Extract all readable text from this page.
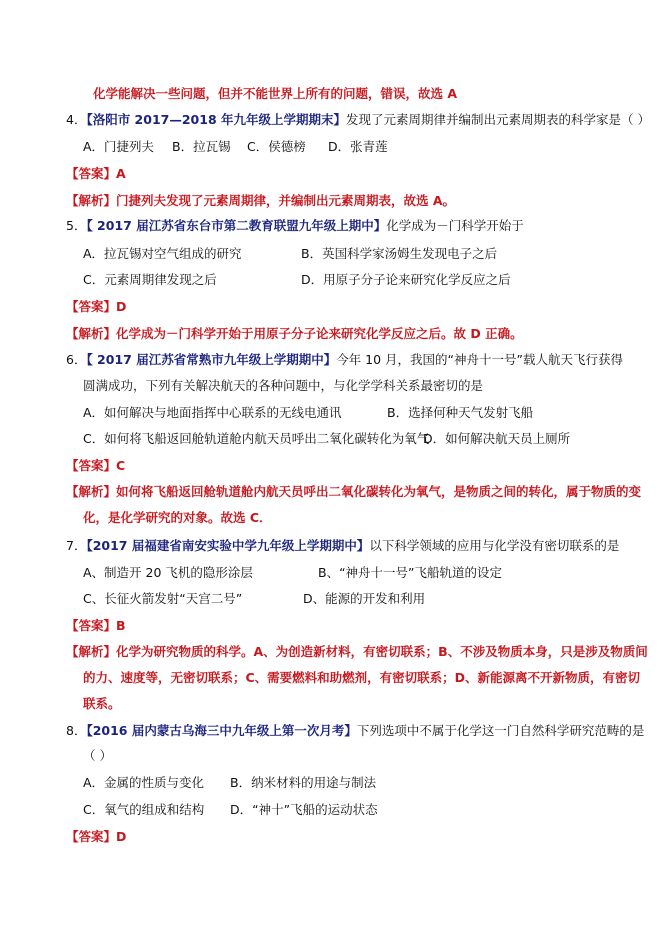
化学能解决一些问题，但并不能世界上所有的问题，错误，故选 A
4．【洛阳市 2017—2018 年九年级上学期期末】发现了元素周期律并编制出元素周期表的科学家是（ ）
A．门捷列夫 B．拉瓦锡 C．侯德榜 D．张青莲
【答案】A
【解析】门捷列夫发现了元素周期律，并编制出元素周期表，故选 A。
5．【 2017 届江苏省东台市第二教育联盟九年级上期中】化学成为－门科学开始于
A．拉瓦锡对空气组成的研究	B．英国科学家汤姆生发现电子之后
C．元素周期律发现之后	D．用原子分子论来研究化学反应之后
【答案】D
【解析】化学成为－门科学开始于用原子分子论来研究化学反应之后。故 D 正确。
6．【 2017 届江苏省常熟市九年级上学期期中】今年 10 月，我国的“神舟十一号”载人航天飞行获得
圆满成功，下列有关解决航天的各种问题中，与化学学科关系最密切的是
A．如何解决与地面指挥中心联系的无线电通讯	B．选择何种天气发射飞船
C．如何将飞船返回舱轨道舱内航天员呼出二氧化碳转化为氧气
D．如何解决航天员上厕所
【答案】C
【解析】如何将飞船返回舱轨道舱内航天员呼出二氧化碳转化为氧气，是物质之间的转化，属于物质的变
化，是化学研究的对象。故选 C．
7．【2017 届福建省南安实验中学九年级上学期期中】以下科学领域的应用与化学没有密切联系的是
A、制造开 20 飞机的隐形涂层	B、“神舟十一号”飞船轨道的设定
C、长征火箭发射“天宫二号”	D、能源的开发和利用
【答案】B
【解析】化学为研究物质的科学。A、为创造新材料，有密切联系；B、不涉及物质本身，只是涉及物质间
的力、速度等，无密切联系；C、需要燃料和助燃剂，有密切联系；D、新能源离不开新物质，有密切
联系。
8．【2016 届内蒙古乌海三中九年级上第一次月考】下列选项中不属于化学这一门自然科学研究范畴的是
（ ）
A．金属的性质与变化 B．纳米材料的用途与制法
C．氧气的组成和结构 D．“神十”飞船的运动状态
【答案】D
